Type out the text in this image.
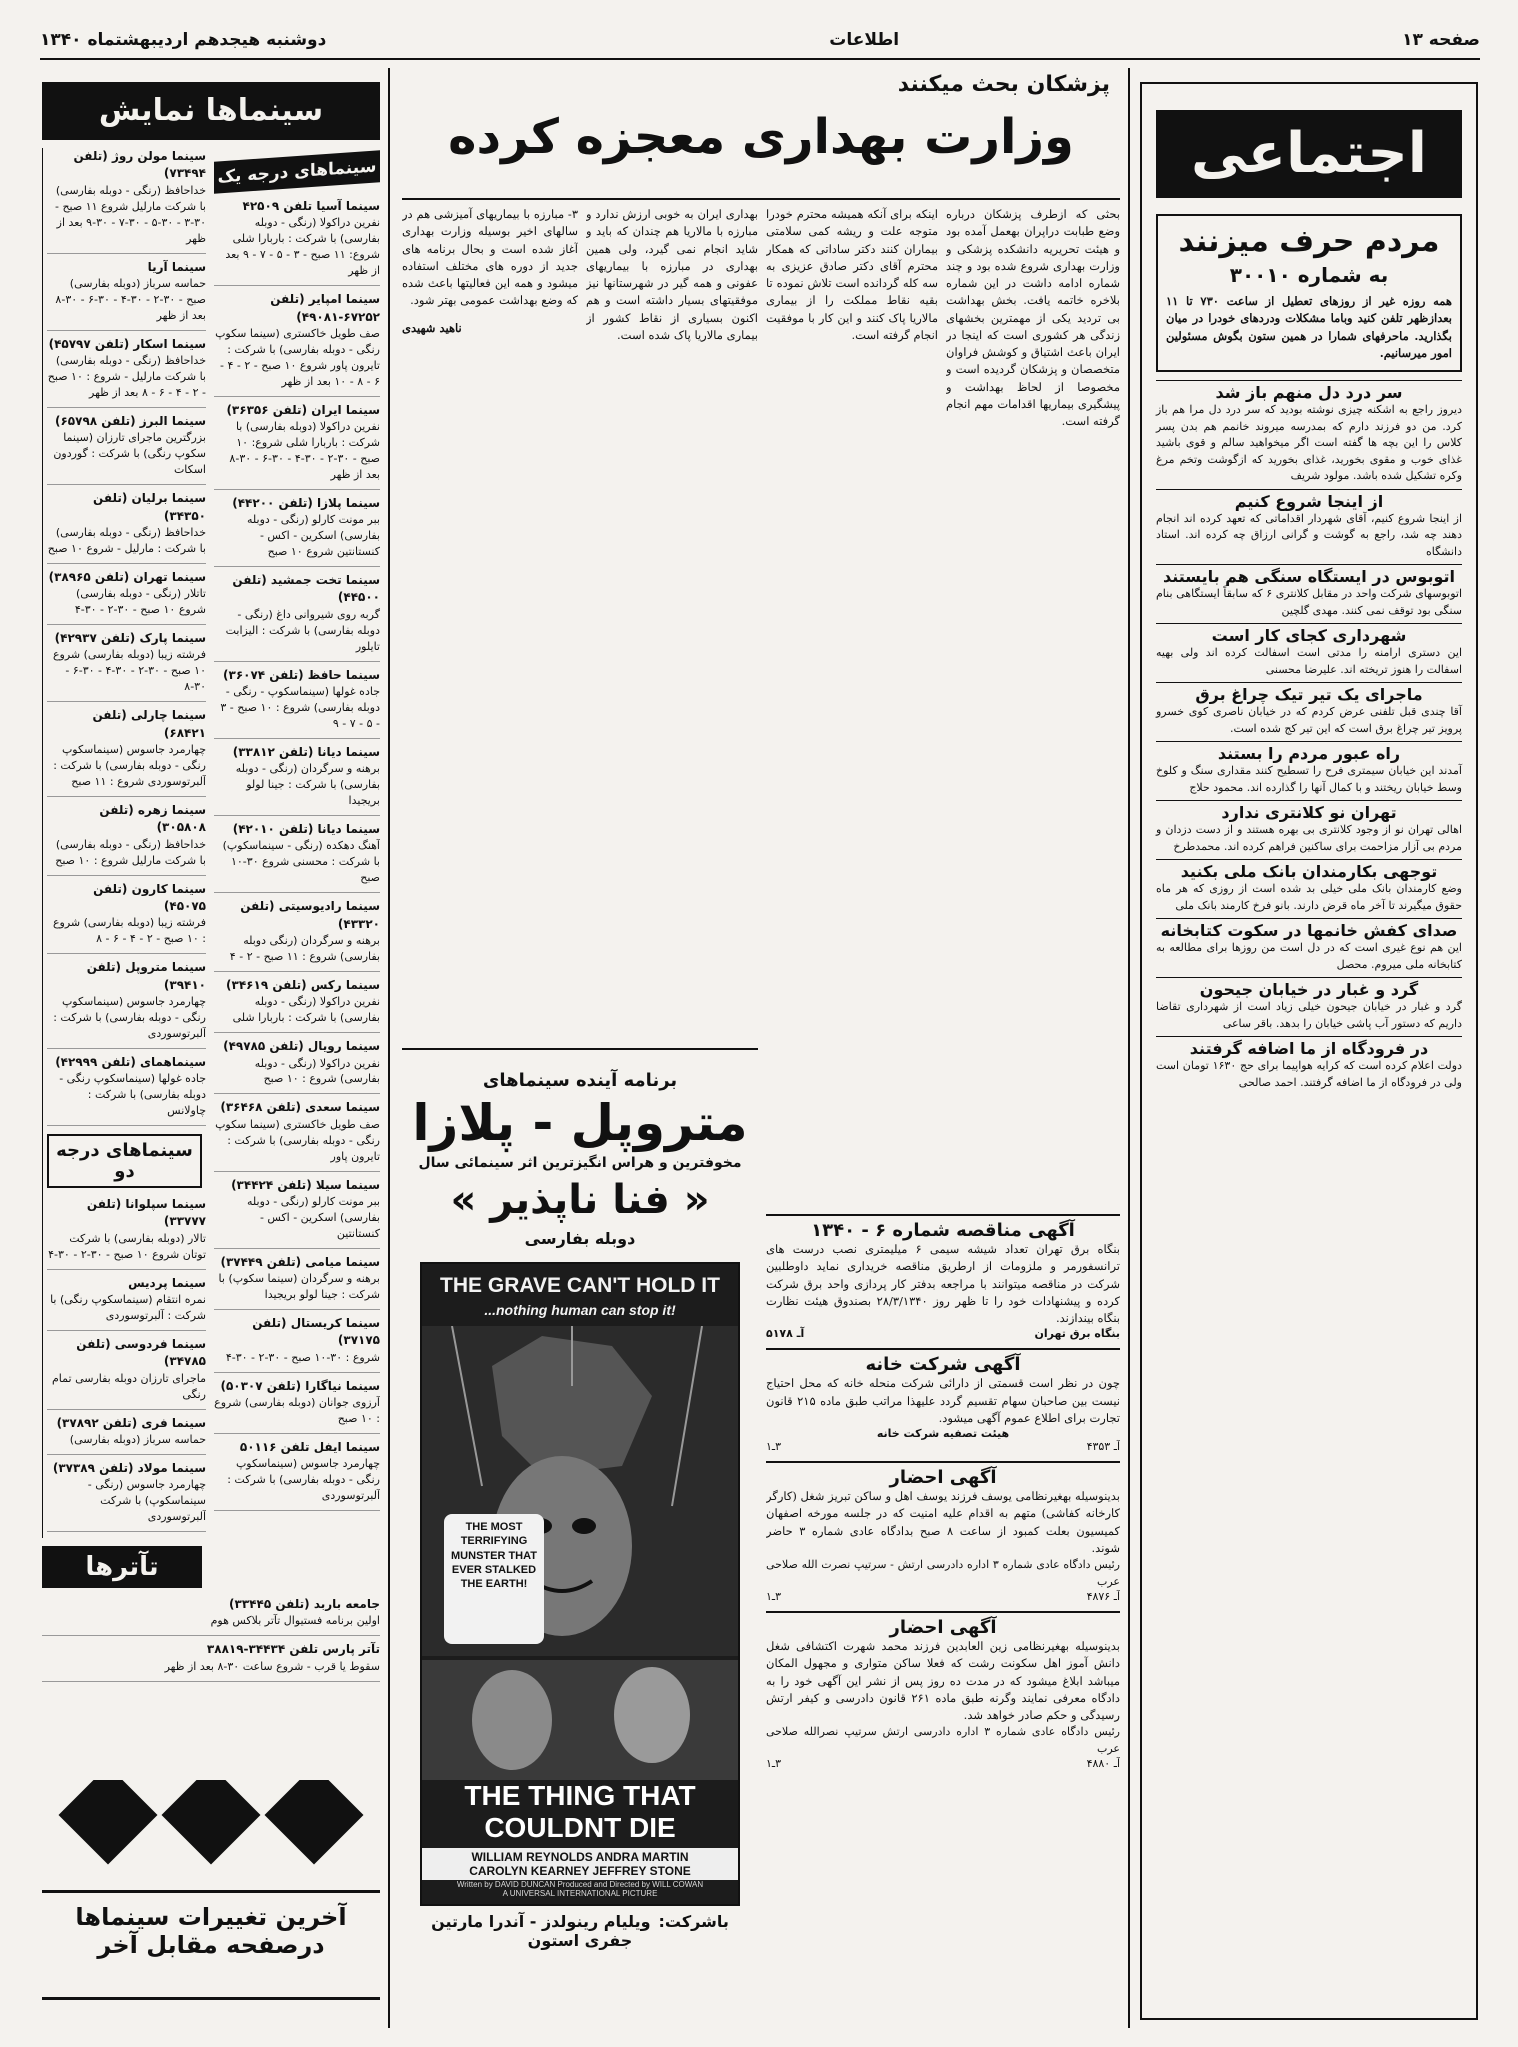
صفحه ۱۳
اطلاعات
دوشنبه هیجدهم اردیبهشتماه ۱۳۴۰
اجتماعی
مردم حرف میزنند
به شماره ۳۰۰۱۰
همه روزه غیر از روزهای تعطیل از ساعت ۷۳۰ تا ۱۱ بعدازظهر تلفن کنید وباما مشکلات ودردهای خودرا در میان بگذارید. ماحرفهای شمارا در همین ستون بگوش مسئولین امور میرسانیم.
سر درد دل منهم باز شد
دیروز راجع به اشکنه چیزی نوشته بودید که سر درد دل مرا هم باز کرد. من دو فرزند دارم که بمدرسه میروند خانمم هم بدن پسر کلاس را این بچه ها گفته است اگر میخواهید سالم و قوی باشید غذای خوب و مقوی بخورید، غذای بخورید که ازگوشت وتخم مرغ وکره تشکیل شده باشد. مولود شریف
از اینجا شروع کنیم
از اینجا شروع کنیم، آقای شهردار اقداماتی که تعهد کرده اند انجام دهند چه شد، راجع به گوشت و گرانی ارزاق چه کرده اند. استاد دانشگاه
اتوبوس در ایستگاه سنگی هم بایستند
اتوبوسهای شرکت واحد در مقابل کلانتری ۶ که سابقاً ایستگاهی بنام سنگی بود توقف نمی کنند. مهدی گلچین
شهرداری کجای کار است
این دستری ارامنه را مدتی است اسفالت کرده اند ولی بهیه اسفالت را هنوز تریخته اند. علیرضا محسنی
ماجرای یک تیر تیک چراغ برق
آقا چندی قبل تلفنی عرض کردم که در خیابان ناصری کوی خسرو پرویز تیر چراغ برق است که این تیر کج شده است.
راه عبور مردم را بستند
آمدند این خیابان سیمتری فرح را تسطیح کنند مقداری سنگ و کلوخ وسط خیابان ریختند و با کمال آنها را گذارده اند. محمود حلاج
تهران نو کلانتری ندارد
اهالی تهران نو از وجود کلانتری بی بهره هستند و از دست دزدان و مردم بی آزار مزاحمت برای ساکنین فراهم کرده اند. محمدطرخ
توجهی بکارمندان بانک ملی بکنید
وضع کارمندان بانک ملی خیلی بد شده است از روزی که هر ماه حقوق میگیرند تا آخر ماه قرض دارند. بانو فرخ کارمند بانک ملی
صدای کفش خانمها در سکوت کتابخانه
این هم نوع غیری است که در دل است من روزها برای مطالعه به کتابخانه ملی میروم. محصل
گرد و غبار در خیابان جیحون
گرد و غبار در خیابان جیحون خیلی زیاد است از شهرداری تقاضا داریم که دستور آب پاشی خیابان را بدهد. باقر ساعی
در فرودگاه از ما اضافه گرفتند
دولت اعلام کرده است که کرایه هواپیما برای حج ۱۶۳۰ تومان است ولی در فرودگاه از ما اضافه گرفتند. احمد صالحی
پزشکان بحث میکنند
وزارت بهداری معجزه کرده

بحثی که ازطرف پزشکان درباره وضع طبابت دراپران بهعمل آمده بود و هیئت تحریریه دانشکده پزشکی و وزارت بهداری شروع شده بود و چند شماره ادامه داشت در این شماره بلاخره خاتمه یافت. بخش بهداشت بی تردید یکی از مهمترین بخشهای زندگی هر کشوری است که اینجا در ایران باعث اشتیاق و کوشش فراوان متخصصان و پزشکان گردیده است و مخصوصا از لحاظ بهداشت و پیشگیری بیماریها اقدامات مهم انجام گرفته است.

اینکه برای آنکه همیشه محترم خودرا متوجه علت و ریشه کمی سلامتی بیماران کنند دکتر ساداتی که همکار محترم آقای دکتر صادق عزیزی به سه کله گردانده است تلاش نموده تا بقیه نقاط مملکت را از بیماری مالاریا پاک کنند و این کار با موفقیت انجام گرفته است.

بهداری ایران به خوبی ارزش ندارد و مبارزه با مالاریا هم چندان که باید و شاید انجام نمی گیرد، ولی همین بهداری در مبارزه با بیماریهای عفونی و همه گیر در شهرستانها نیز موفقیتهای بسیار داشته است و هم اکنون بسیاری از نقاط کشور از بیماری مالاریا پاک شده است.

۳- مبارزه با بیماریهای آمیزشی هم در سالهای اخیر بوسیله وزارت بهداری آغاز شده است و بحال برنامه های جدید از دوره های مختلف استفاده میشود و همه این فعالیتها باعث شده که وضع بهداشت عمومی بهتر شود.

ناهید شهیدی

آگهی مناقصه شماره ۶ - ۱۳۴۰
بنگاه برق تهران تعداد شیشه سیمی ۶ میلیمتری نصب درست های ترانسفورمر و ملزومات از ارطریق مناقصه خریداری نماید داوطلبین شرکت در مناقصه میتوانند با مراجعه بدفتر کار پردازی واحد برق شرکت کرده و پیشنهادات خود را تا ظهر روز ۲۸/۳/۱۳۴۰ بصندوق هیئت نظارت بنگاه بیندازند.
بنگاه برق تهران
آـ ۵۱۷۸
آگهی شرکت خانه
چون در نظر است قسمتی از دارائی شرکت منحله خانه که محل احتیاج نیست بین صاحبان سهام تقسیم گردد علیهذا مراتب طبق ماده ۲۱۵ قانون تجارت برای اطلاع عموم آگهی میشود.
هیئت تصفیه شرکت خانه
آـ ۴۳۵۳
۳ـ۱
آگهی احضار
بدینوسیله بهغیرنظامی یوسف فرزند یوسف اهل و ساکن تبریز شغل (کارگر کارخانه کفاشی) متهم به اقدام علیه امنیت که در جلسه مورخه اصفهان کمیسیون بعلت کمبود از ساعت ۸ صبح بدادگاه عادی شماره ۳ حاضر شوند.
رئیس دادگاه عادی شماره ۳ اداره دادرسی ارتش - سرتیپ نصرت الله صلاحی عرب
آـ ۴۸۷۶
۳ـ۱
آگهی احضار
بدینوسیله بهغیرنظامی زین العابدین فرزند محمد شهرت اکتشافی شغل دانش آموز اهل سکونت رشت که فعلا ساکن متواری و مجهول المکان میباشد ابلاغ میشود که در مدت ده روز پس از نشر این آگهی خود را به دادگاه معرفی نمایند وگرنه طبق ماده ۲۶۱ قانون دادرسی و کیفر ارتش رسیدگی و حکم صادر خواهد شد.
رئیس دادگاه عادی شماره ۳ اداره دادرسی ارتش سرتیپ نصرالله صلاحی عرب
آـ ۴۸۸۰
۳ـ۱
برنامه آینده سینماهای
متروپل - پلازا
مخوفترین و هراس انگیزترین اثر سینمائی سال
« فنا ناپذیر »
دوبله بفارسی
THE GRAVE CAN'T HOLD IT
...nothing human can stop it!
THE MOST
TERRIFYING
MUNSTER THAT
EVER STALKED
THE EARTH!
THE THING THAT
COULDNT DIE
WILLIAM REYNOLDS ANDRA MARTIN
CAROLYN KEARNEY JEFFREY STONE
Written by DAVID DUNCAN Produced and Directed by WILL COWAN
A UNIVERSAL INTERNATIONAL PICTURE
باشرکت:
ویلیام رینولدز - آندرا مارتین
جفری استون
سینماها نمایش
سینماهای درجه یک
سینما آسیا تلفن ۴۲۵۰۹
نفرین دراکولا (رنگی - دوبله بفارسی) با شرکت : باربارا شلی شروع: ۱۱ صبح - ۳ - ۵ - ۷ - ۹ بعد از ظهر
سینما امپایر (تلفن ۶۷۲۵۲-۴۹۰۸۱)
صف طویل خاکستری (سینما سکوپ رنگی - دوبله بفارسی) با شرکت : تایرون پاور شروع ۱۰ صبح - ۲ - ۴ - ۶ - ۸ - ۱۰ بعد از ظهر
سینما ایران (تلفن ۳۶۳۵۶)
نفرین دراکولا (دوبله بفارسی) با شرکت : باربارا شلی شروع: ۱۰ صبح - ۳۰-۲ - ۳۰-۴ - ۳۰-۶ - ۳۰-۸ بعد از ظهر
سینما پلازا (تلفن ۴۴۲۰۰)
ببر مونت کارلو (رنگی - دوبله بفارسی) اسکرین - اکس - کنستانتین شروع ۱۰ صبح
سینما تخت جمشید (تلفن ۴۴۵۰۰)
گربه روی شیروانی داغ (رنگی - دوبله بفارسی) با شرکت : الیزابت تایلور
سینما حافظ (تلفن ۳۶۰۷۴)
جاده غولها (سینماسکوپ - رنگی - دوبله بفارسی) شروع : ۱۰ صبح - ۳ - ۵ - ۷ - ۹
سینما دیانا (تلفن ۳۳۸۱۲)
برهنه و سرگردان (رنگی - دوبله بفارسی) با شرکت : جینا لولو بریجیدا
سینما دیانا (تلفن ۴۲۰۱۰)
آهنگ دهکده (رنگی - سینماسکوپ) با شرکت : محسنی شروع ۳۰-۱۰ صبح
سینما رادیوسیتی (تلفن ۴۳۳۲۰)
برهنه و سرگردان (رنگی دوبله بفارسی) شروع : ۱۱ صبح - ۲ - ۴
سینما رکس (تلفن ۳۴۶۱۹)
نفرین دراکولا (رنگی - دوبله بفارسی) با شرکت : باربارا شلی
سینما رویال (تلفن ۴۹۷۸۵)
نفرین دراکولا (رنگی - دوبله بفارسی) شروع : ۱۰ صبح
سینما سعدی (تلفن ۳۶۴۶۸)
صف طویل خاکستری (سینما سکوپ رنگی - دوبله بفارسی) با شرکت : تایرون پاور
سینما سیلا (تلفن ۳۴۴۲۴)
ببر مونت کارلو (رنگی - دوبله بفارسی) اسکرین - اکس - کنستانتین
سینما میامی (تلفن ۳۷۴۴۹)
برهنه و سرگردان (سینما سکوپ) با شرکت : جینا لولو بریجیدا
سینما کریستال (تلفن ۳۷۱۷۵)
شروع : ۳۰-۱۰ صبح - ۳۰-۲ - ۳۰-۴
سینما نیاگارا (تلفن ۵۰۳۰۷)
آرزوی جوانان (دوبله بفارسی) شروع : ۱۰ صبح
سینما ایفل تلفن ۵۰۱۱۶
چهارمرد جاسوس (سینماسکوپ رنگی - دوبله بفارسی) با شرکت : آلبرتوسوردی
سینما مولن روژ (تلفن ۷۳۴۹۴)
خداحافظ (رنگی - دوبله بفارسی) با شرکت مارلیل شروع ۱۱ صبح - ۳۰-۳ - ۳۰-۵ - ۳۰-۷ - ۳۰-۹ بعد از ظهر
سینما آریا
حماسه سرباز (دوبله بفارسی) صبح - ۳۰-۲ - ۳۰-۴ - ۳۰-۶ - ۳۰-۸ بعد از ظهر
سینما اسکار (تلفن ۴۵۷۹۷)
خداحافظ (رنگی - دوبله بفارسی) با شرکت مارلیل - شروع : ۱۰ صبح - ۲ - ۴ - ۶ - ۸ بعد از ظهر
سینما البرز (تلفن ۶۵۷۹۸)
بزرگترین ماجرای تارزان (سینما سکوپ رنگی) با شرکت : گوردون اسکات
سینما برلیان (تلفن ۳۴۳۵۰)
خداحافظ (رنگی - دوبله بفارسی) با شرکت : مارلیل - شروع ۱۰ صبح
سینما تهران (تلفن ۳۸۹۶۵)
تاتلار (رنگی - دوبله بفارسی) شروع ۱۰ صبح - ۳۰-۲ - ۳۰-۴
سینما پارک (تلفن ۴۲۹۳۷)
فرشته زیبا (دوبله بفارسی) شروع ۱۰ صبح - ۳۰-۲ - ۳۰-۴ - ۳۰-۶ - ۳۰-۸
سینما چارلی (تلفن ۶۸۴۲۱)
چهارمرد جاسوس (سینماسکوپ رنگی - دوبله بفارسی) با شرکت : آلبرتوسوردی شروع : ۱۱ صبح
سینما زهره (تلفن ۳۰۵۸۰۸)
خداحافظ (رنگی - دوبله بفارسی) با شرکت مارلیل شروع : ۱۰ صبح
سینما کارون (تلفن ۴۵۰۷۵)
فرشته زیبا (دوبله بفارسی) شروع : ۱۰ صبح - ۲ - ۴ - ۶ - ۸
سینما متروپل (تلفن ۳۹۴۱۰)
چهارمرد جاسوس (سینماسکوپ رنگی - دوبله بفارسی) با شرکت : آلبرتوسوردی
سینماهمای (تلفن ۴۲۹۹۹)
جاده غولها (سینماسکوپ رنگی - دوبله بفارسی) با شرکت : چاولانس
سینماهای درجه دو
سینما سپلوانا (تلفن ۳۳۷۷۷)
تالار (دوبله بفارسی) با شرکت توتان شروع ۱۰ صبح - ۳۰-۲ - ۳۰-۴
سینما پردیس
نمره انتقام (سینماسکوپ رنگی) با شرکت : آلبرتوسوردی
سینما فردوسی (تلفن ۳۴۷۸۵)
ماجرای تارزان دوبله بفارسی تمام رنگی
سینما فری (تلفن ۳۷۸۹۲)
حماسه سرباز (دوبله بفارسی)
سینما مولاد (تلفن ۳۷۳۸۹)
چهارمرد جاسوس (رنگی - سینماسکوپ) با شرکت آلبرتوسوردی
تآترها
جامعه باربد (تلفن ۳۳۴۴۵)
اولین برنامه فستیوال تآتر بلاکس هوم
تآتر پارس تلفن ۳۴۴۳۴-۳۸۸۱۹
سقوط یا قرب - شروع ساعت ۳۰-۸ بعد از ظهر

آخرین تغییرات سینماها
درصفحه مقابل آخر
